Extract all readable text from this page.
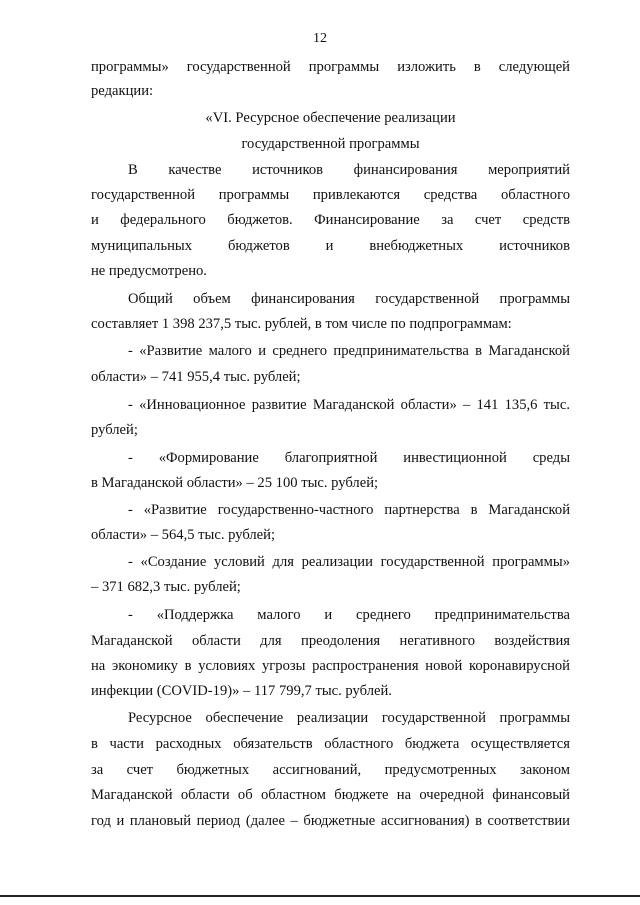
12
программы» государственной программы изложить в следующей
редакции:
«VI. Ресурсное обеспечение реализации
государственной программы
В качестве источников финансирования мероприятий
государственной программы привлекаются средства областного
и федерального бюджетов. Финансирование за счет средств
муниципальных бюджетов и внебюджетных источников
не предусмотрено.
Общий объем финансирования государственной программы
составляет 1 398 237,5 тыс. рублей, в том числе по подпрограммам:
- «Развитие малого и среднего предпринимательства в Магаданской
области» – 741 955,4 тыс. рублей;
- «Инновационное развитие Магаданской области» – 141 135,6 тыс.
рублей;
- «Формирование благоприятной инвестиционной среды
в Магаданской области» – 25 100 тыс. рублей;
- «Развитие государственно-частного партнерства в Магаданской
области» – 564,5 тыс. рублей;
- «Создание условий для реализации государственной программы»
– 371 682,3 тыс. рублей;
- «Поддержка малого и среднего предпринимательства
Магаданской области для преодоления негативного воздействия
на экономику в условиях угрозы распространения новой коронавирусной
инфекции (COVID-19)» – 117 799,7 тыс. рублей.
Ресурсное обеспечение реализации государственной программы
в части расходных обязательств областного бюджета осуществляется
за счет бюджетных ассигнований, предусмотренных законом
Магаданской области об областном бюджете на очередной финансовый
год и плановый период (далее – бюджетные ассигнования) в соответствии
